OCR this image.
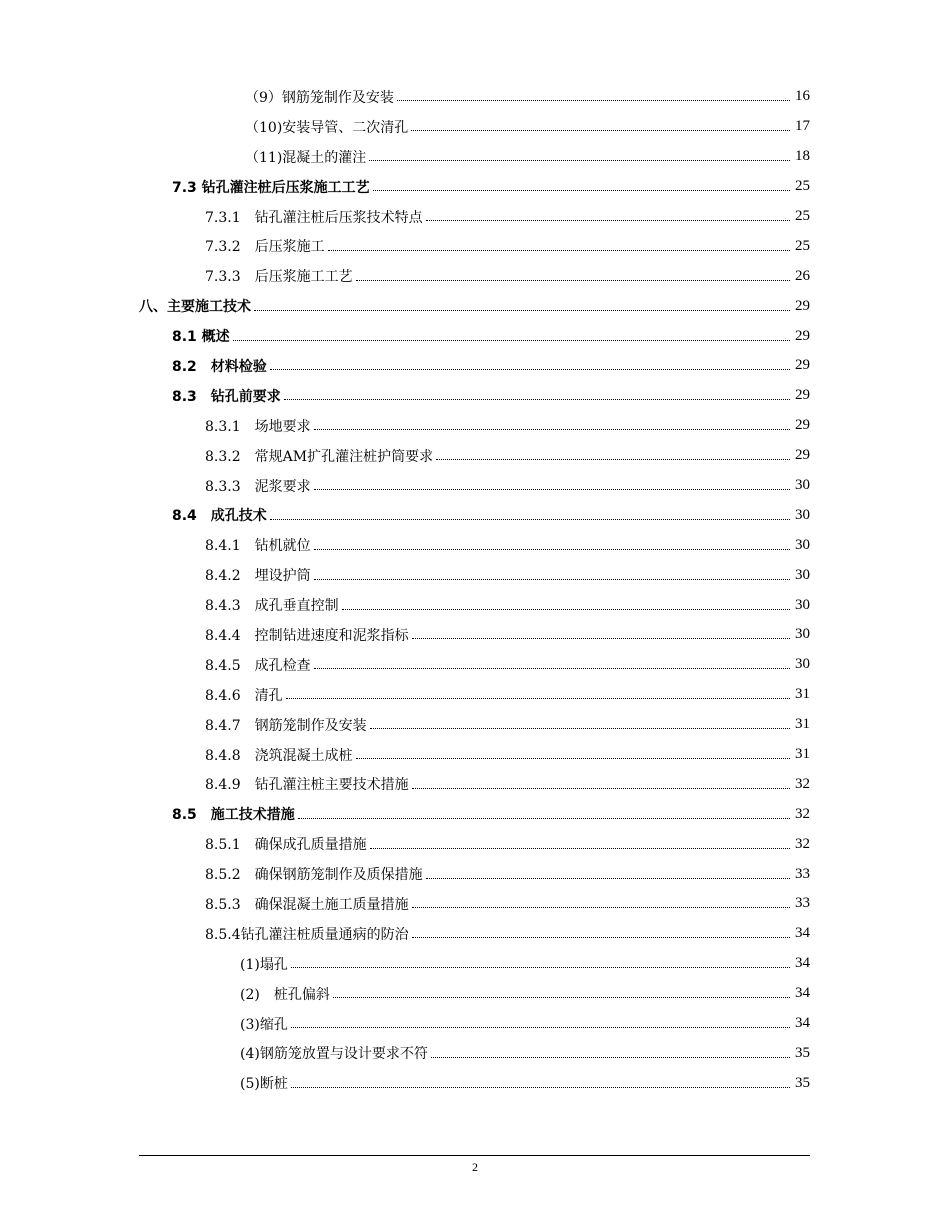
（9）钢筋笼制作及安装	16
（10)安装导管、二次清孔	17
（11)混凝土的灌注	18
7.3 钻孔灌注桩后压浆施工工艺	25
7.3.1　钻孔灌注桩后压浆技术特点	25
7.3.2　后压浆施工	25
7.3.3　后压浆施工工艺	26
八、主要施工技术	29
8.1 概述	29
8.2　材料检验	29
8.3　钻孔前要求	29
8.3.1　场地要求	29
8.3.2　常规AM扩孔灌注桩护筒要求	29
8.3.3　泥浆要求	30
8.4　成孔技术	30
8.4.1　钻机就位	30
8.4.2　埋设护筒	30
8.4.3　成孔垂直控制	30
8.4.4　控制钻进速度和泥浆指标	30
8.4.5　成孔检查	30
8.4.6　清孔	31
8.4.7　钢筋笼制作及安装	31
8.4.8　浇筑混凝土成桩	31
8.4.9　钻孔灌注桩主要技术措施	32
8.5　施工技术措施	32
8.5.1　确保成孔质量措施	32
8.5.2　确保钢筋笼制作及质保措施	33
8.5.3　确保混凝土施工质量措施	33
8.5.4钻孔灌注桩质量通病的防治	34
(1)塌孔	34
(2)　桩孔偏斜	34
(3)缩孔	34
(4)钢筋笼放置与设计要求不符	35
(5)断桩	35
2
